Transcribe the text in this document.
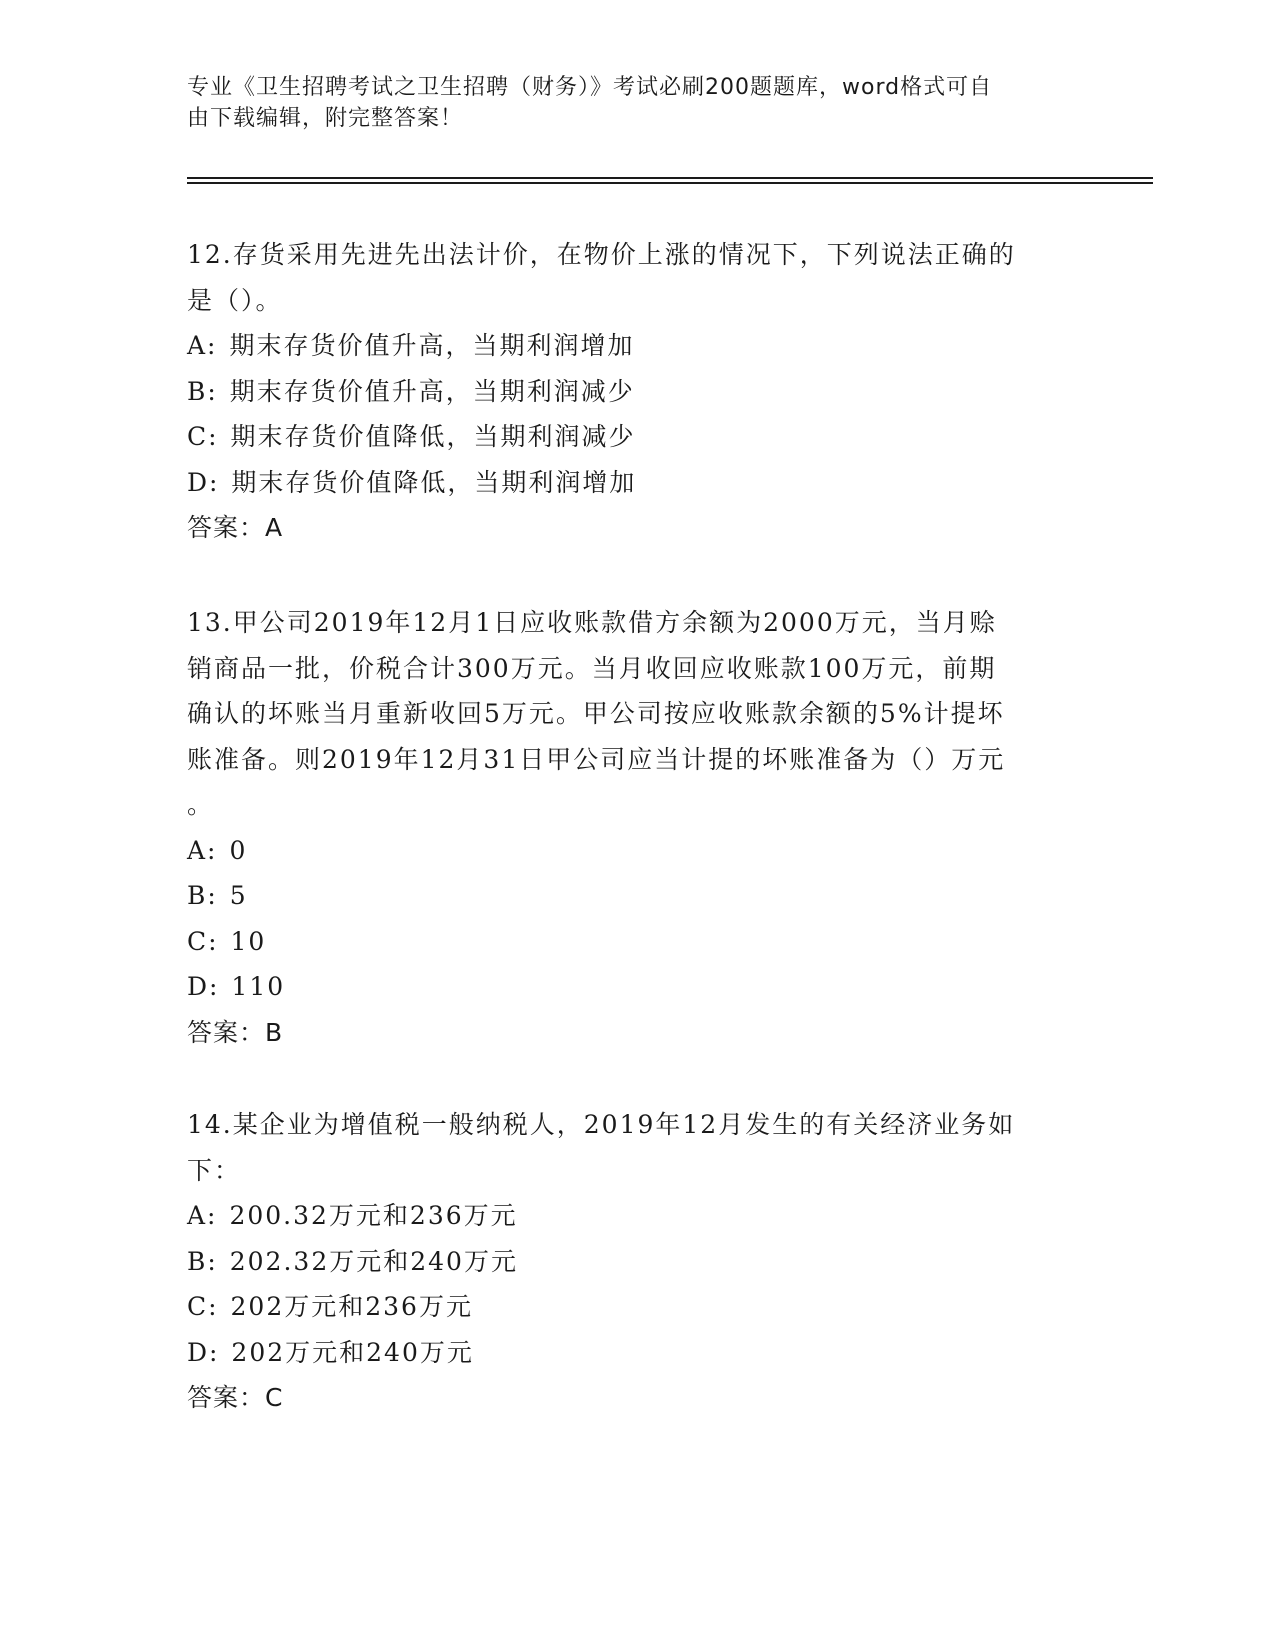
专业《卫生招聘考试之卫生招聘（财务）》考试必刷200题题库，word格式可自
由下载编辑，附完整答案！

12.存货采用先进先出法计价，在物价上涨的情况下，下列说法正确的
是（）。

A: 期末存货价值升高，当期利润增加
B: 期末存货价值升高，当期利润减少
C: 期末存货价值降低，当期利润减少
D: 期末存货价值降低，当期利润增加
答案：A

13.甲公司2019年12月1日应收账款借方余额为2000万元，当月赊
销商品一批，价税合计300万元。当月收回应收账款100万元，前期
确认的坏账当月重新收回5万元。甲公司按应收账款余额的5%计提坏
账准备。则2019年12月31日甲公司应当计提的坏账准备为（）万元
。

A: 0
B: 5
C: 10
D: 110
答案：B

14.某企业为增值税一般纳税人，2019年12月发生的有关经济业务如
下：

A: 200.32万元和236万元
B: 202.32万元和240万元
C: 202万元和236万元
D: 202万元和240万元
答案：C
